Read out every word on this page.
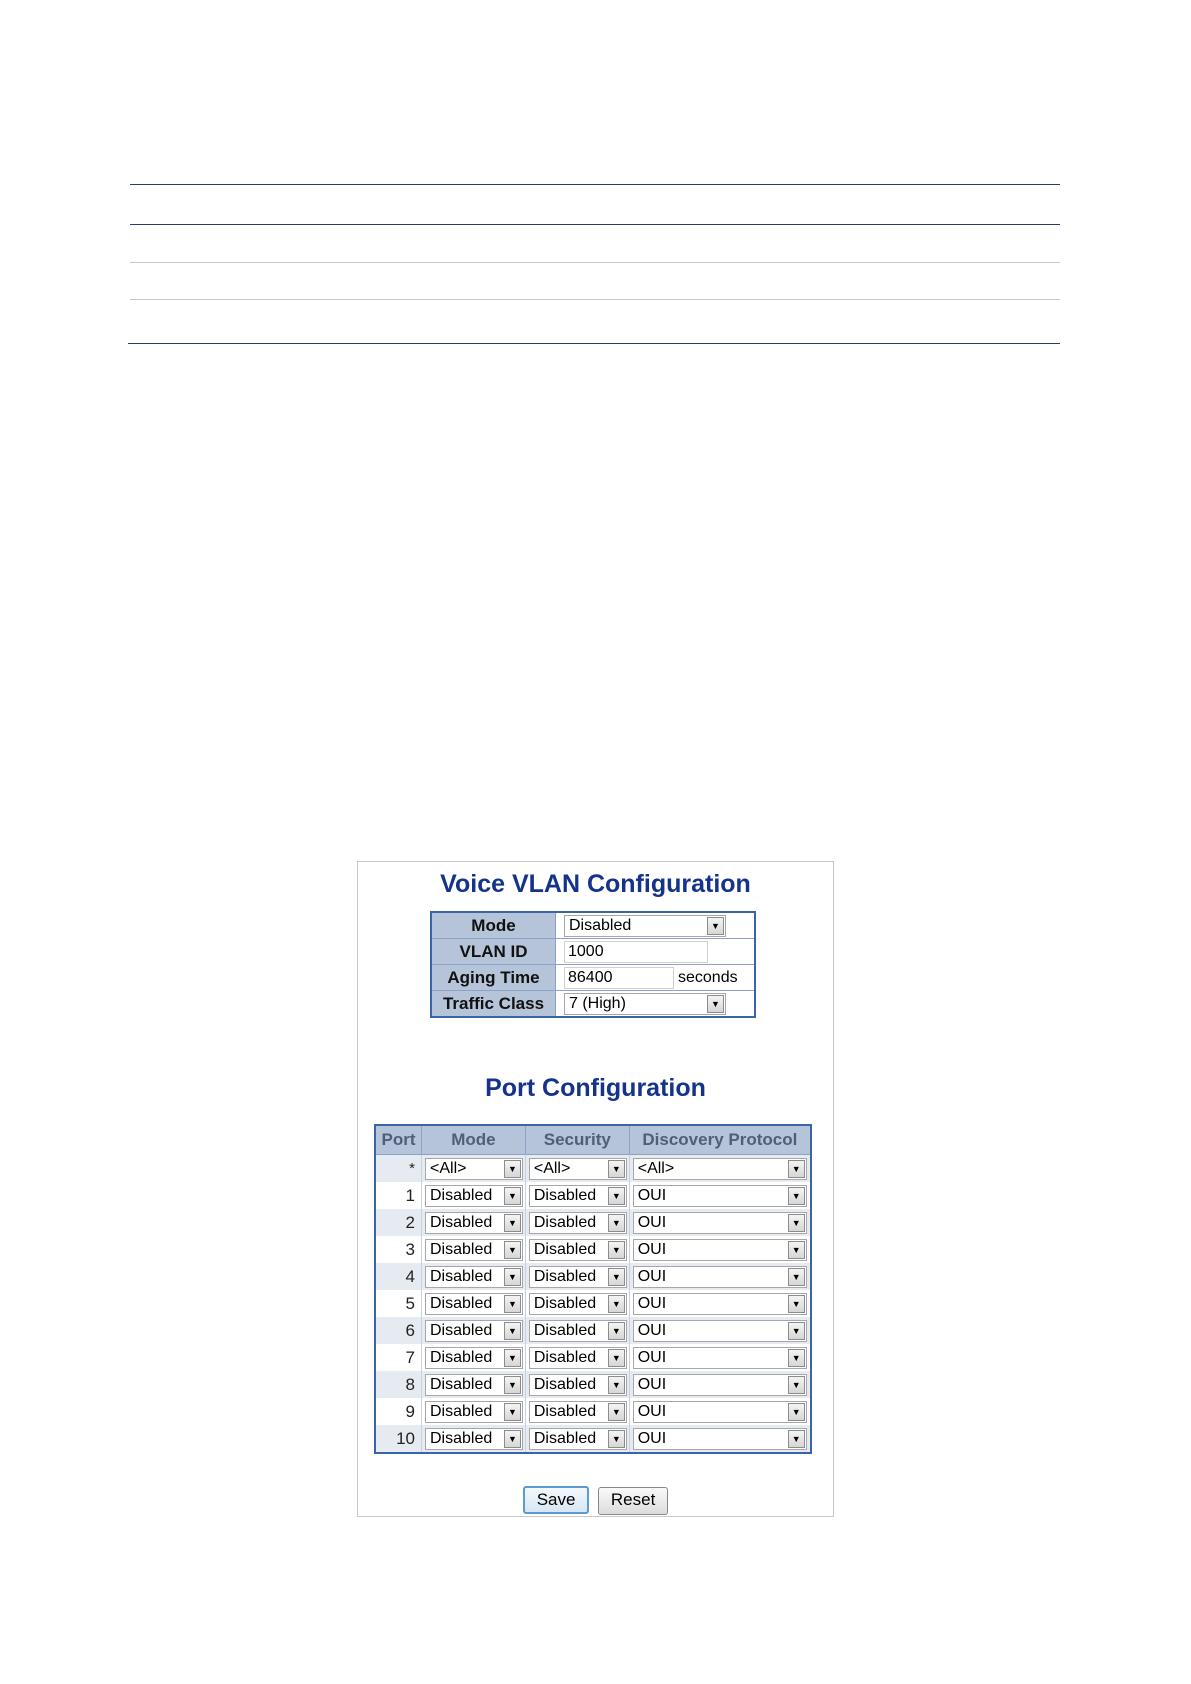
Voice VLAN Configuration
Mode	Disabled ▼

VLAN ID	1000
Aging Time	86400 seconds
Traffic Class	7 (High) ▼
Port Configuration
Port	Mode	Security	Discovery Protocol
*	<All> ▼	<All> ▼	<All> ▼

1	Disabled ▼	Disabled ▼	OUI ▼

2	Disabled ▼	Disabled ▼	OUI ▼

3	Disabled ▼	Disabled ▼	OUI ▼

4	Disabled ▼	Disabled ▼	OUI ▼

5	Disabled ▼	Disabled ▼	OUI ▼

6	Disabled ▼	Disabled ▼	OUI ▼

7	Disabled ▼	Disabled ▼	OUI ▼

8	Disabled ▼	Disabled ▼	OUI ▼

9	Disabled ▼	Disabled ▼	OUI ▼

10	Disabled ▼	Disabled ▼	OUI ▼
Save Reset
